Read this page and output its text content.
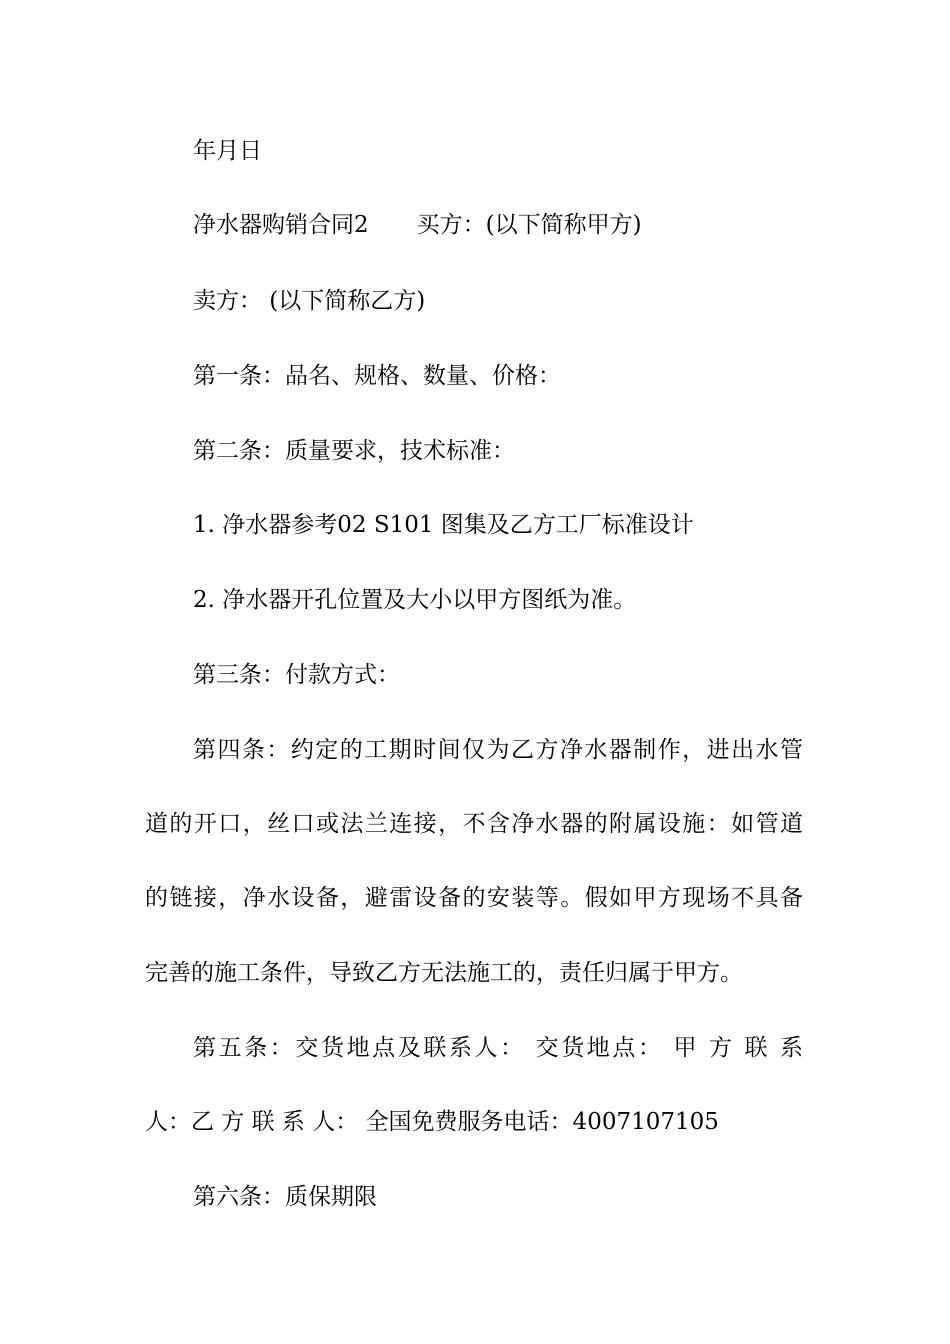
年月日
净水器购销合同2 买方：(以下简称甲方)
卖方： (以下简称乙方)
第一条：品名、规格、数量、价格：
第二条：质量要求，技术标准：
1. 净水器参考02 S101 图集及乙方工厂标准设计
2. 净水器开孔位置及大小以甲方图纸为准。
第三条：付款方式：
第四条：约定的工期时间仅为乙方净水器制作，进出水管
道的开口，丝口或法兰连接，不含净水器的附属设施：如管道
的链接，净水设备，避雷设备的安装等。假如甲方现场不具备
完善的施工条件，导致乙方无法施工的，责任归属于甲方。
第五条：交货地点及联系人： 交货地点： 甲 方 联 系
人：乙 方 联 系 人： 全国免费服务电话：4007107105
第六条：质保期限
